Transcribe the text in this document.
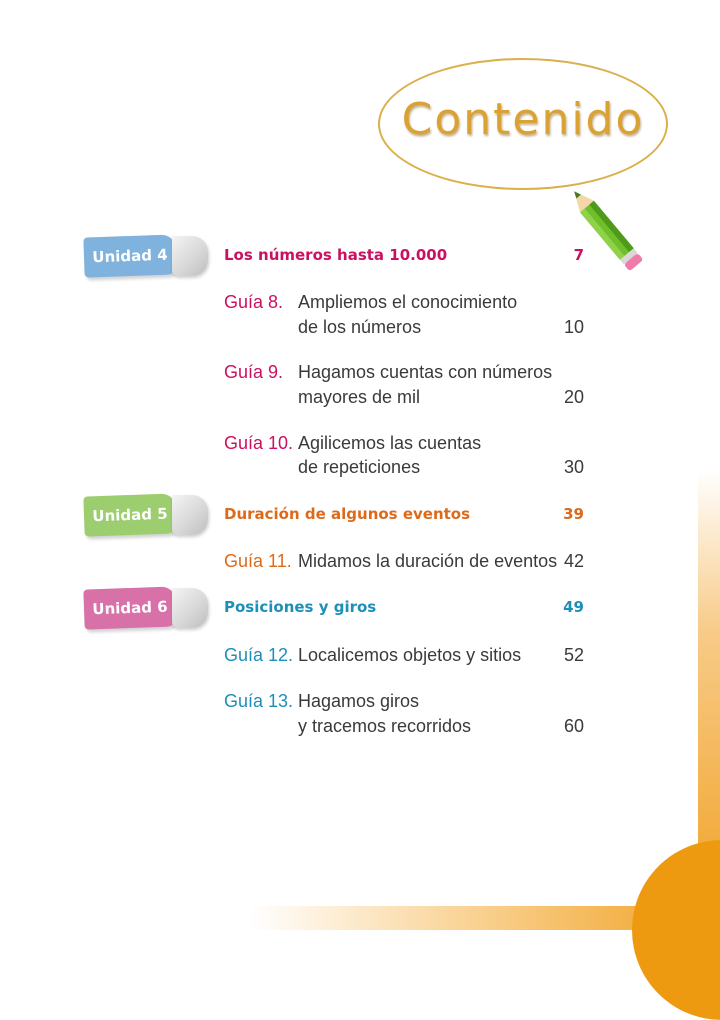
Contenido
Unidad 4	Los números hasta 10.000	7
Guía 8. Ampliemos el conocimiento
de los números	10
Guía 9. Hagamos cuentas con números
mayores de mil	20
Guía 10. Agilicemos las cuentas
de repeticiones	30
Unidad 5	Duración de algunos eventos	39
Guía 11. Midamos la duración de eventos 42
Unidad 6	Posiciones y giros	49
Guía 12. Localicemos objetos y sitios	52
Guía 13. Hagamos giros
y tracemos recorridos	60
